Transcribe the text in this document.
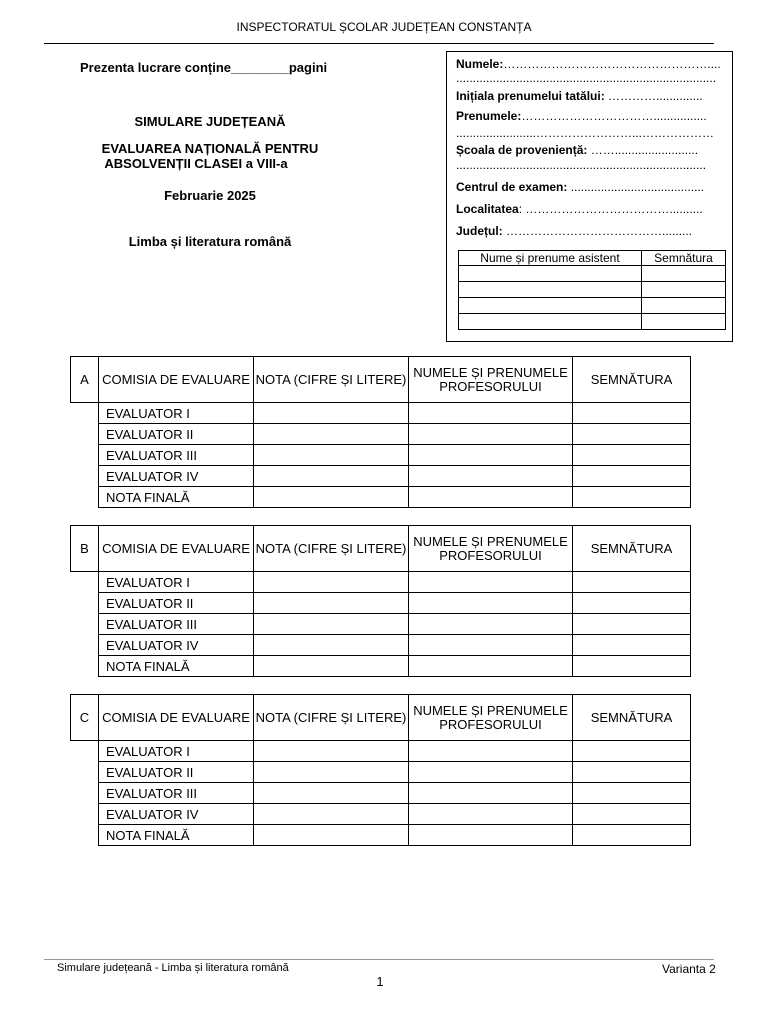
INSPECTORATUL ȘCOLAR JUDEȚEAN CONSTANȚA
Prezenta lucrare conține________pagini
SIMULARE JUDEȚEANĂ
EVALUAREA NAȚIONALĂ PENTRU
ABSOLVENȚII CLASEI a VIII-a
Februarie 2025
Limba și literatura română
Numele:……………………………………………....
..............................................................................
Inițiala prenumelui tatălui: …………..............
Prenumele:……………………………................
........................……………………...………………
Școala de proveniență: …….........................
...........................................................................
Centrul de examen: ........................................
Localitatea: ………………………………..........
Județul: ………………………………….........
Nume și prenume asistent	Semnătura

A	COMISIA DE EVALUARE	NOTA (CIFRE ȘI LITERE)	NUMELE ȘI PRENUMELE PROFESORULUI	SEMNĂTURA
	EVALUATOR I			
	EVALUATOR II			
	EVALUATOR III			
	EVALUATOR IV			
	NOTA FINALĂ			
B	COMISIA DE EVALUARE	NOTA (CIFRE ȘI LITERE)	NUMELE ȘI PRENUMELE PROFESORULUI	SEMNĂTURA
	EVALUATOR I			
	EVALUATOR II			
	EVALUATOR III			
	EVALUATOR IV			
	NOTA FINALĂ			
C	COMISIA DE EVALUARE	NOTA (CIFRE ȘI LITERE)	NUMELE ȘI PRENUMELE PROFESORULUI	SEMNĂTURA
	EVALUATOR I			
	EVALUATOR II			
	EVALUATOR III			
	EVALUATOR IV			
	NOTA FINALĂ			
Simulare județeană - Limba și literatura română	Varianta 2
1
